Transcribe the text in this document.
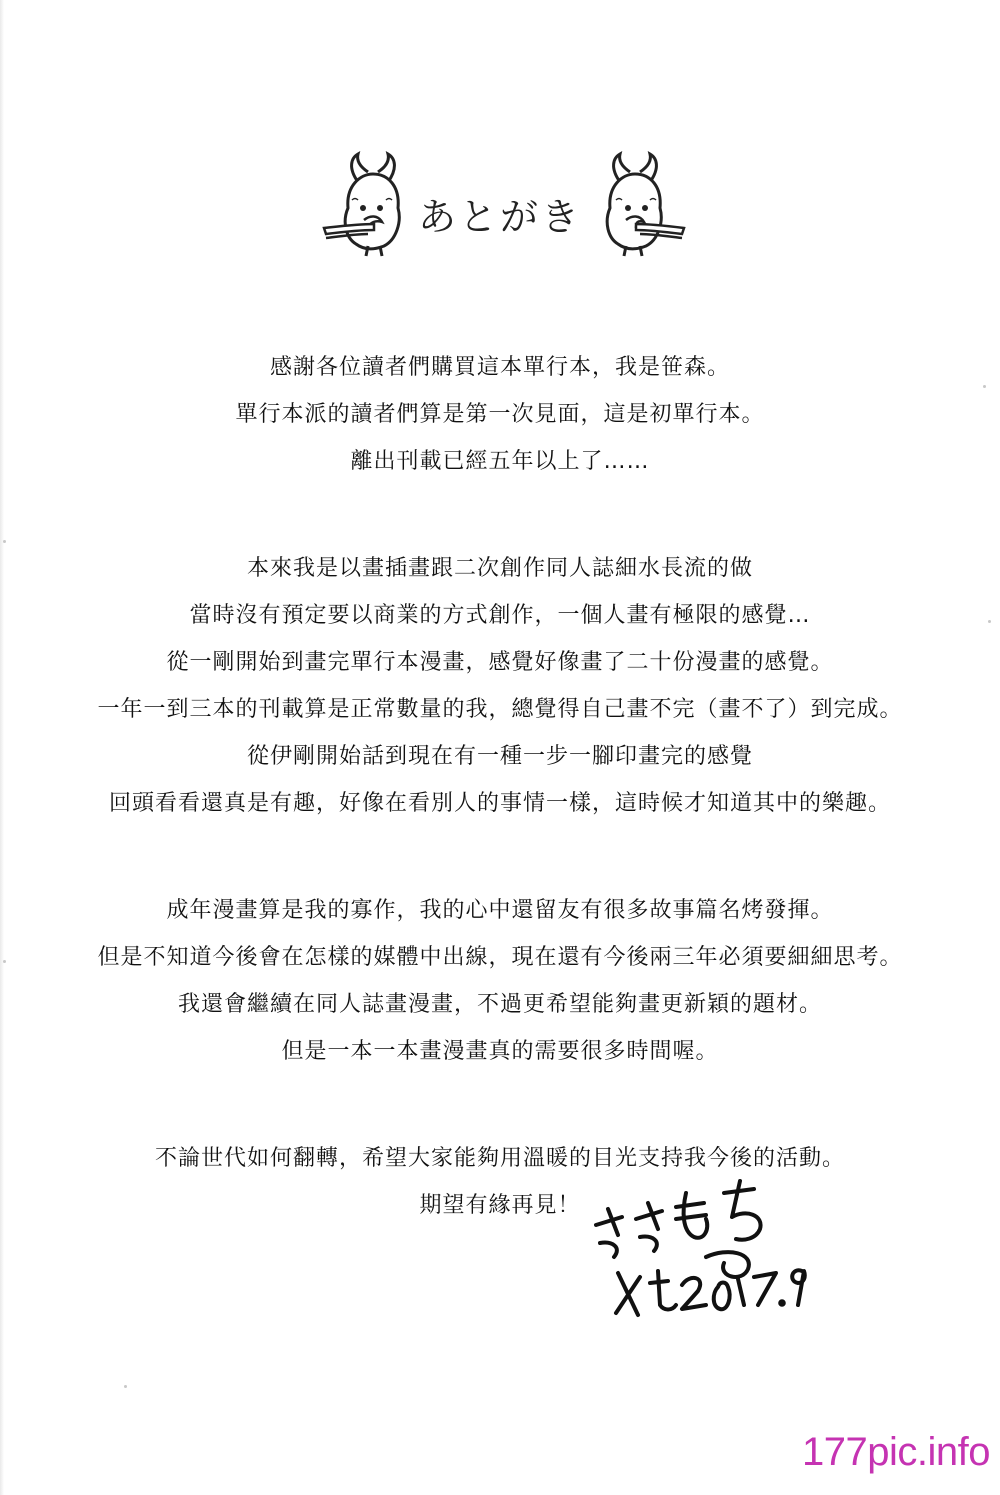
あとがき
感謝各位讀者們購買這本單行本，我是笹森。
單行本派的讀者們算是第一次見面，這是初單行本。
離出刊載已經五年以上了……
本來我是以畫插畫跟二次創作同人誌細水長流的做
當時沒有預定要以商業的方式創作，一個人畫有極限的感覺…
從一剛開始到畫完單行本漫畫，感覺好像畫了二十份漫畫的感覺。
一年一到三本的刊載算是正常數量的我，總覺得自己畫不完（畫不了）到完成。
從伊剛開始話到現在有一種一步一腳印畫完的感覺
回頭看看還真是有趣，好像在看別人的事情一樣，這時候才知道其中的樂趣。
成年漫畫算是我的寡作，我的心中還留友有很多故事篇名烤發揮。
但是不知道今後會在怎樣的媒體中出線，現在還有今後兩三年必須要細細思考。
我還會繼續在同人誌畫漫畫，不過更希望能夠畫更新穎的題材。
但是一本一本畫漫畫真的需要很多時間喔。
不論世代如何翻轉，希望大家能夠用溫暖的目光支持我今後的活動。
期望有緣再見！
177pic.info
